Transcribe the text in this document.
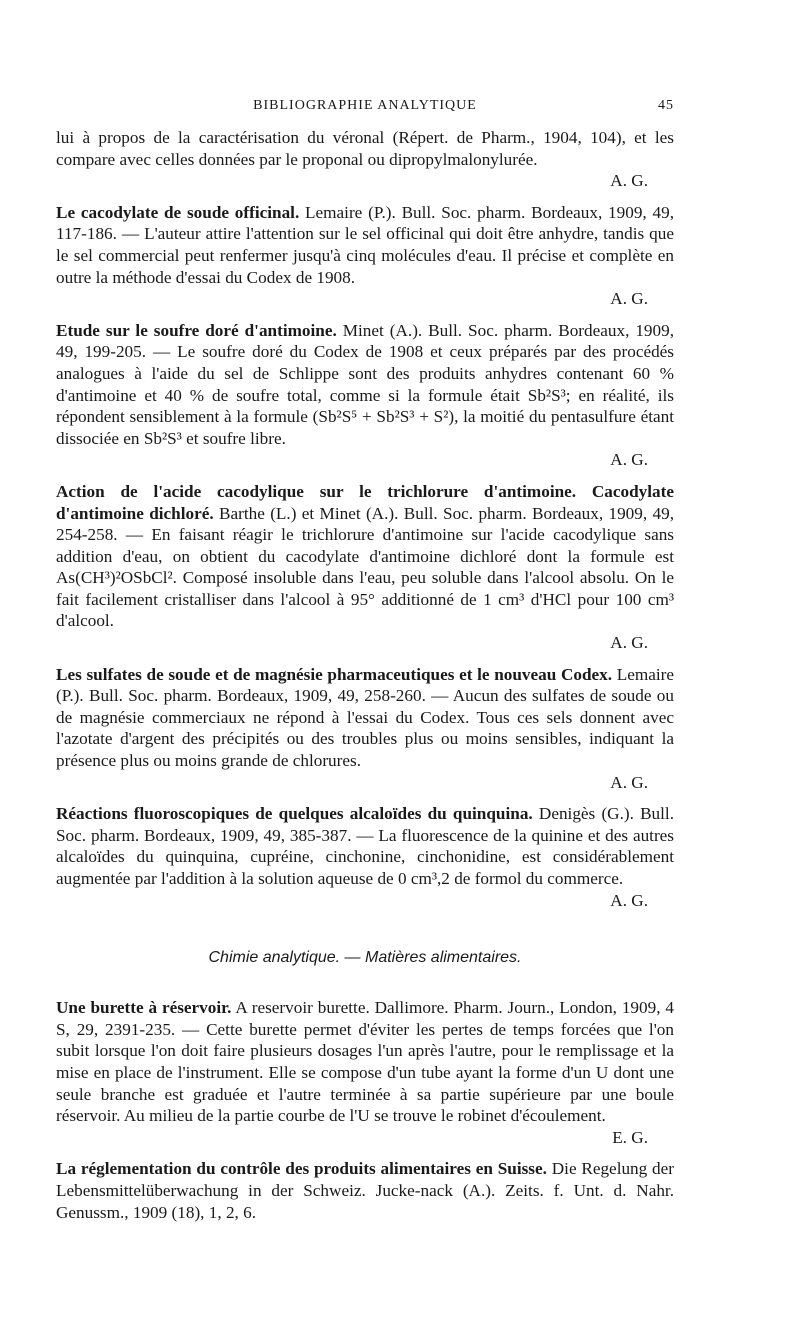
BIBLIOGRAPHIE ANALYTIQUE	45

lui à propos de la caractérisation du véronal (Répert. de Pharm., 1904, 104), et les compare avec celles données par le proponal ou dipropylmalonylurée.

A. G.

Le cacodylate de soude officinal. Lemaire (P.). Bull. Soc. pharm. Bordeaux, 1909, 49, 117-186. — L'auteur attire l'attention sur le sel officinal qui doit être anhydre, tandis que le sel commercial peut renfermer jusqu'à cinq molécules d'eau. Il précise et complète en outre la méthode d'essai du Codex de 1908.

A. G.

Etude sur le soufre doré d'antimoine. Minet (A.). Bull. Soc. pharm. Bordeaux, 1909, 49, 199-205. — Le soufre doré du Codex de 1908 et ceux préparés par des procédés analogues à l'aide du sel de Schlippe sont des produits anhydres contenant 60 % d'antimoine et 40 % de soufre total, comme si la formule était Sb²S³; en réalité, ils répondent sensiblement à la formule (Sb²S⁵ + Sb²S³ + S²), la moitié du pentasulfure étant dissociée en Sb²S³ et soufre libre.

A. G.

Action de l'acide cacodylique sur le trichlorure d'antimoine. Cacodylate d'antimoine dichloré. Barthe (L.) et Minet (A.). Bull. Soc. pharm. Bordeaux, 1909, 49, 254-258. — En faisant réagir le trichlorure d'antimoine sur l'acide cacodylique sans addition d'eau, on obtient du cacodylate d'antimoine dichloré dont la formule est As(CH³)²OSbCl². Composé insoluble dans l'eau, peu soluble dans l'alcool absolu. On le fait facilement cristalliser dans l'alcool à 95° additionné de 1 cm³ d'HCl pour 100 cm³ d'alcool.

A. G.

Les sulfates de soude et de magnésie pharmaceutiques et le nouveau Codex. Lemaire (P.). Bull. Soc. pharm. Bordeaux, 1909, 49, 258-260. — Aucun des sulfates de soude ou de magnésie commerciaux ne répond à l'essai du Codex. Tous ces sels donnent avec l'azotate d'argent des précipités ou des troubles plus ou moins sensibles, indiquant la présence plus ou moins grande de chlorures.

A. G.

Réactions fluoroscopiques de quelques alcaloïdes du quinquina. Denigès (G.). Bull. Soc. pharm. Bordeaux, 1909, 49, 385-387. — La fluorescence de la quinine et des autres alcaloïdes du quinquina, cupréine, cinchonine, cinchonidine, est considérablement augmentée par l'addition à la solution aqueuse de 0 cm³,2 de formol du commerce.

A. G.
Chimie analytique. — Matières alimentaires.

Une burette à réservoir. A reservoir burette. Dallimore. Pharm. Journ., London, 1909, 4 S, 29, 2391-235. — Cette burette permet d'éviter les pertes de temps forcées que l'on subit lorsque l'on doit faire plusieurs dosages l'un après l'autre, pour le remplissage et la mise en place de l'instrument. Elle se compose d'un tube ayant la forme d'un U dont une seule branche est graduée et l'autre terminée à sa partie supérieure par une boule réservoir. Au milieu de la partie courbe de l'U se trouve le robinet d'écoulement.

E. G.

La réglementation du contrôle des produits alimentaires en Suisse. Die Regelung der Lebensmittelüberwachung in der Schweiz. Jucke-nack (A.). Zeits. f. Unt. d. Nahr. Genussm., 1909 (18), 1, 2, 6.
